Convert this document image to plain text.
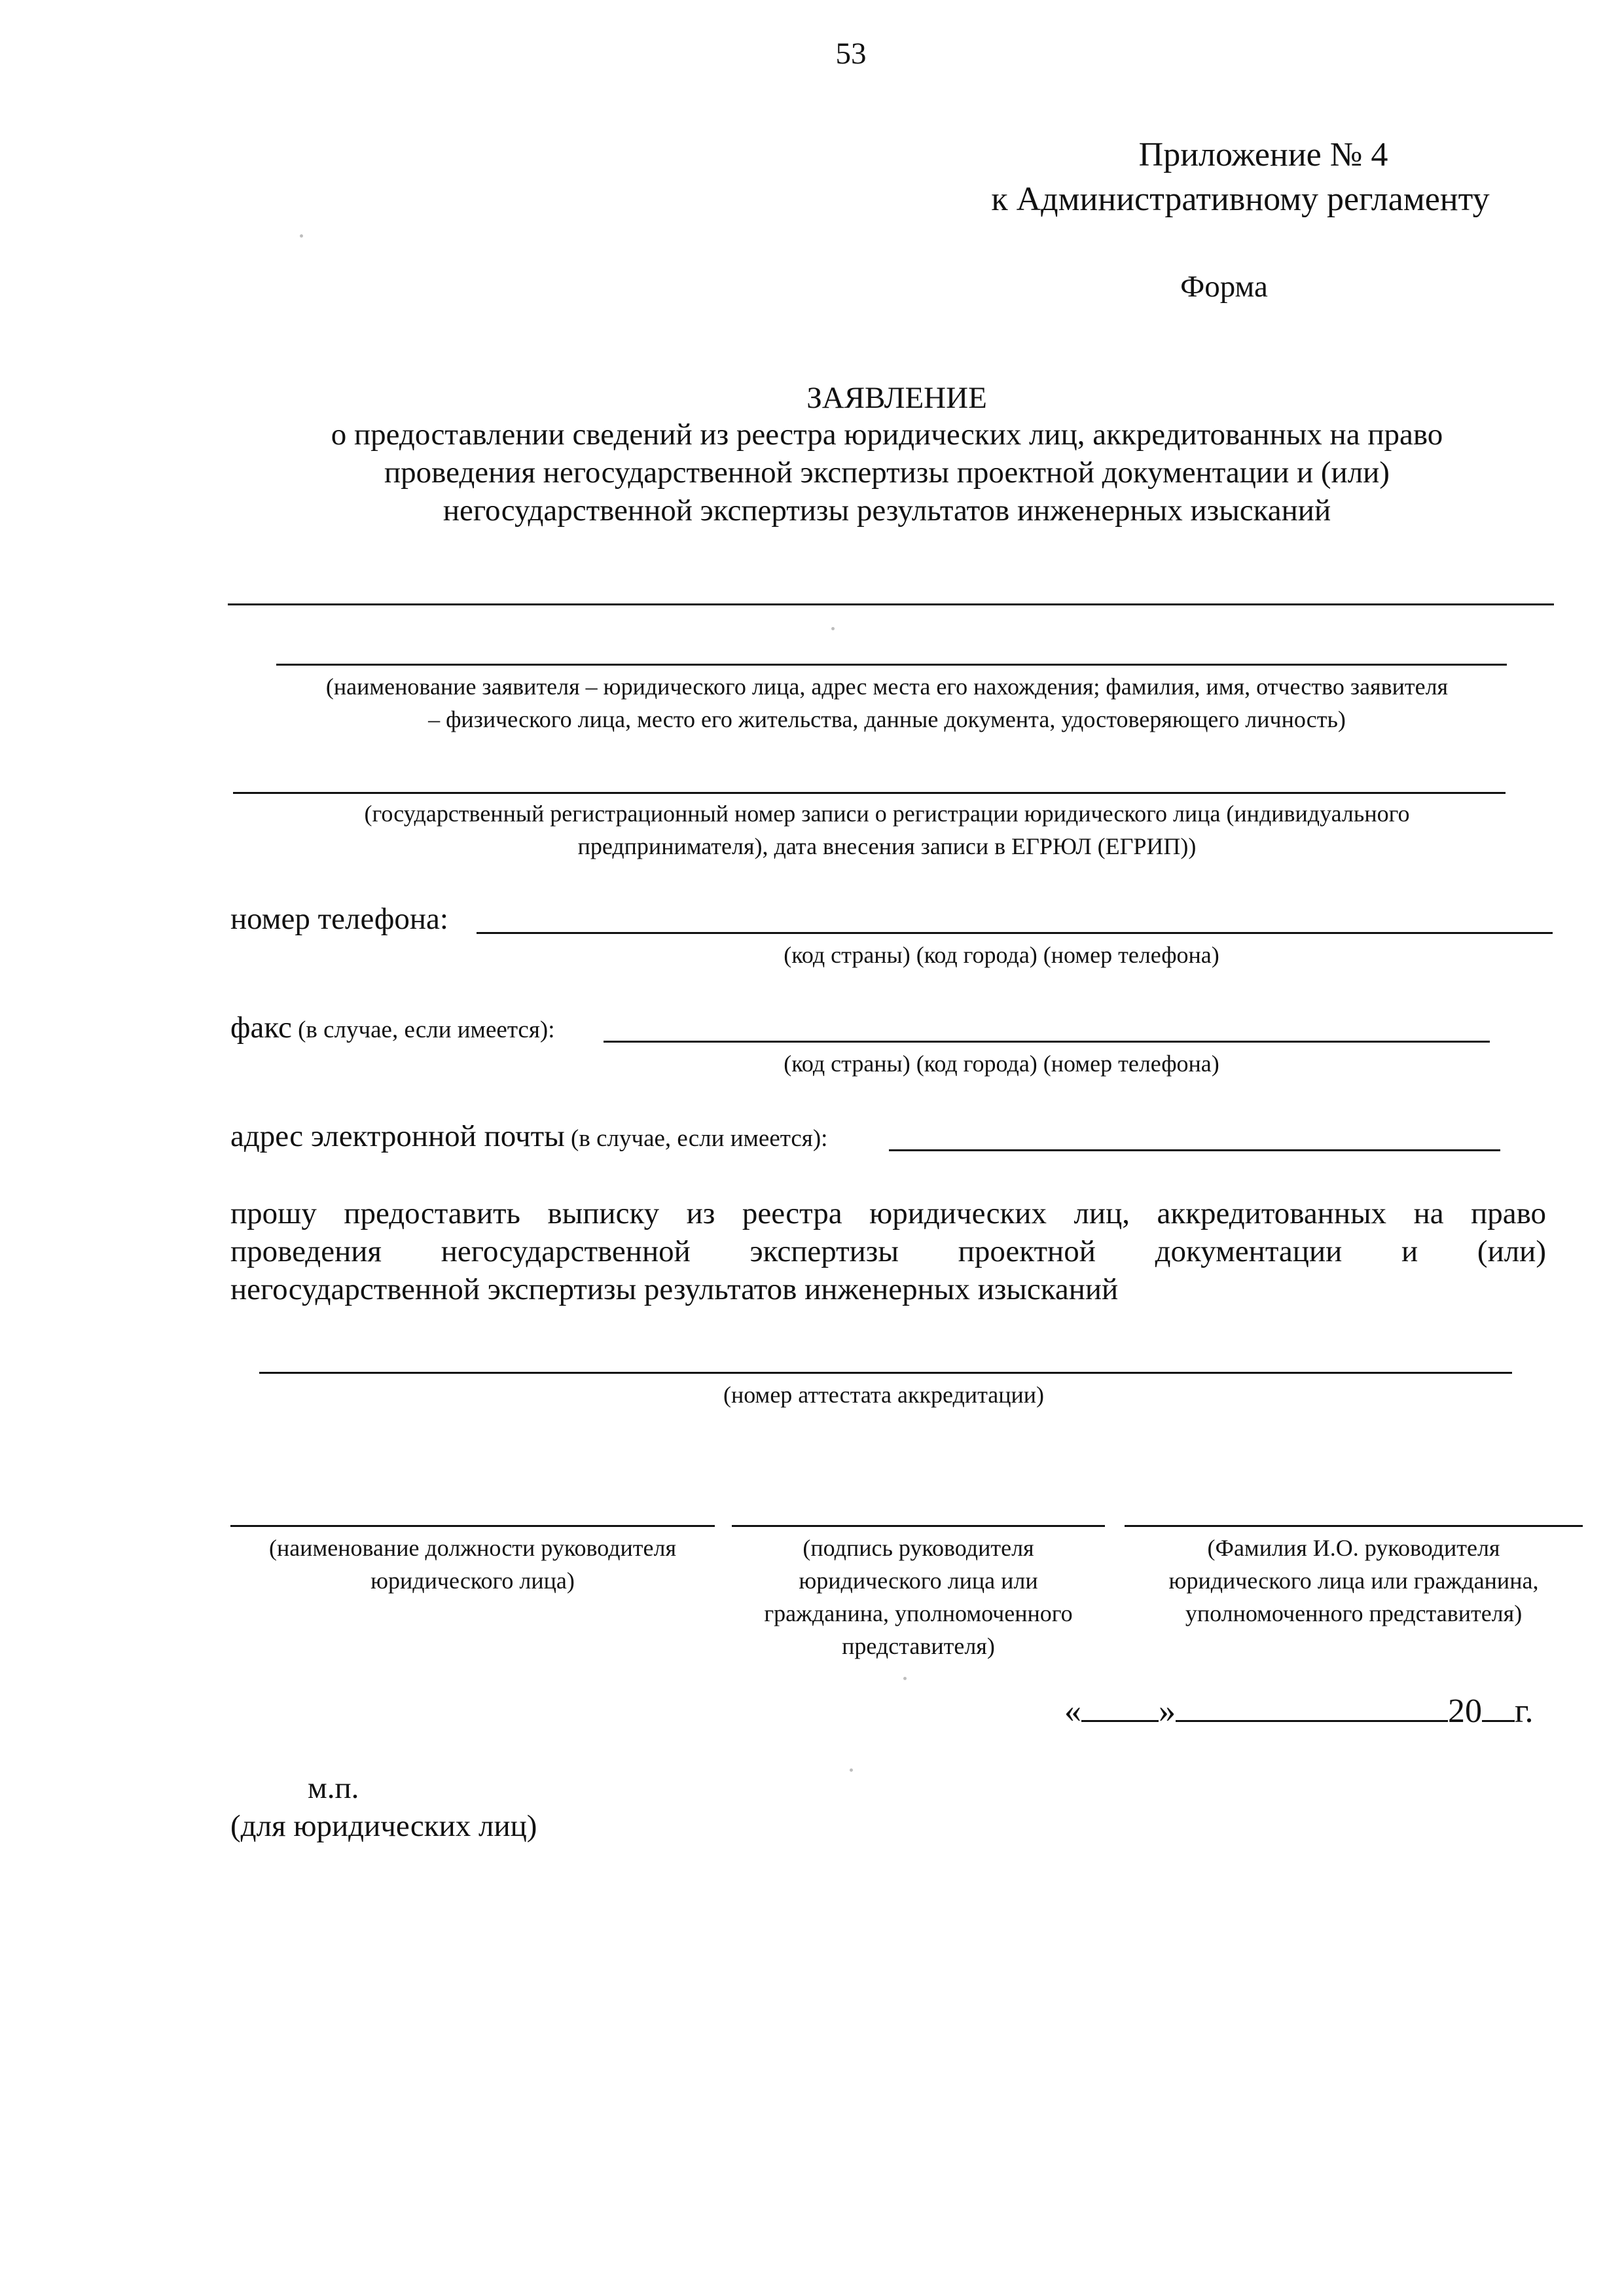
53
Приложение № 4
к Административному регламенту
Форма
ЗАЯВЛЕНИЕ
о предоставлении сведений из реестра юридических лиц, аккредитованных на право
проведения негосударственной экспертизы проектной документации и (или)
негосударственной экспертизы результатов инженерных изысканий
(наименование заявителя – юридического лица, адрес места его нахождения; фамилия, имя, отчество заявителя
– физического лица, место его жительства, данные документа, удостоверяющего личность)
(государственный регистрационный номер записи о регистрации юридического лица (индивидуального
предпринимателя), дата внесения записи в ЕГРЮЛ (ЕГРИП))
номер телефона:
(код страны) (код города) (номер телефона)
факс (в случае, если имеется):
(код страны) (код города) (номер телефона)
адрес электронной почты (в случае, если имеется):
прошу предоставить выписку из реестра юридических лиц, аккредитованных на право
проведения негосударственной экспертизы проектной документации и (или)
негосударственной экспертизы результатов инженерных изысканий
(номер аттестата аккредитации)
(наименование должности руководителя
юридического лица)
(подпись руководителя
юридического лица или
гражданина, уполномоченного
представителя)
(Фамилия И.О. руководителя
юридического лица или гражданина,
уполномоченного представителя)
« »	20 г.
м.п.
(для юридических лиц)
